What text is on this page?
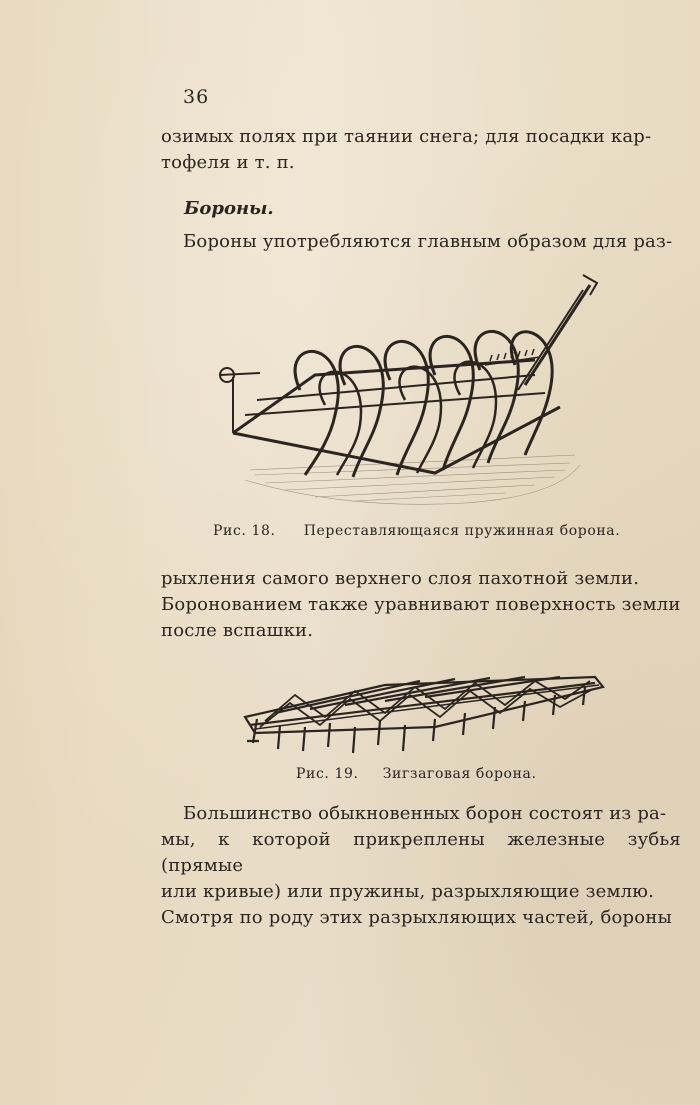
36

озимых полях при таянии снега; для посадки кар-

тофеля и т. п.

Бороны.

Бороны употребляются главным образом для раз-

Рис. 18. Переставляющаяся пружинная борона.

рыхления самого верхнего слоя пахотной земли.

Боронованием также уравнивают поверхность земли

после вспашки.

Рис. 19. Зигзаговая борона.

Большинство обыкновенных борон состоят из ра-

мы, к которой прикреплены железные зубья (прямые

или кривые) или пружины, разрыхляющие землю.

Смотря по роду этих разрыхляющих частей, бороны
